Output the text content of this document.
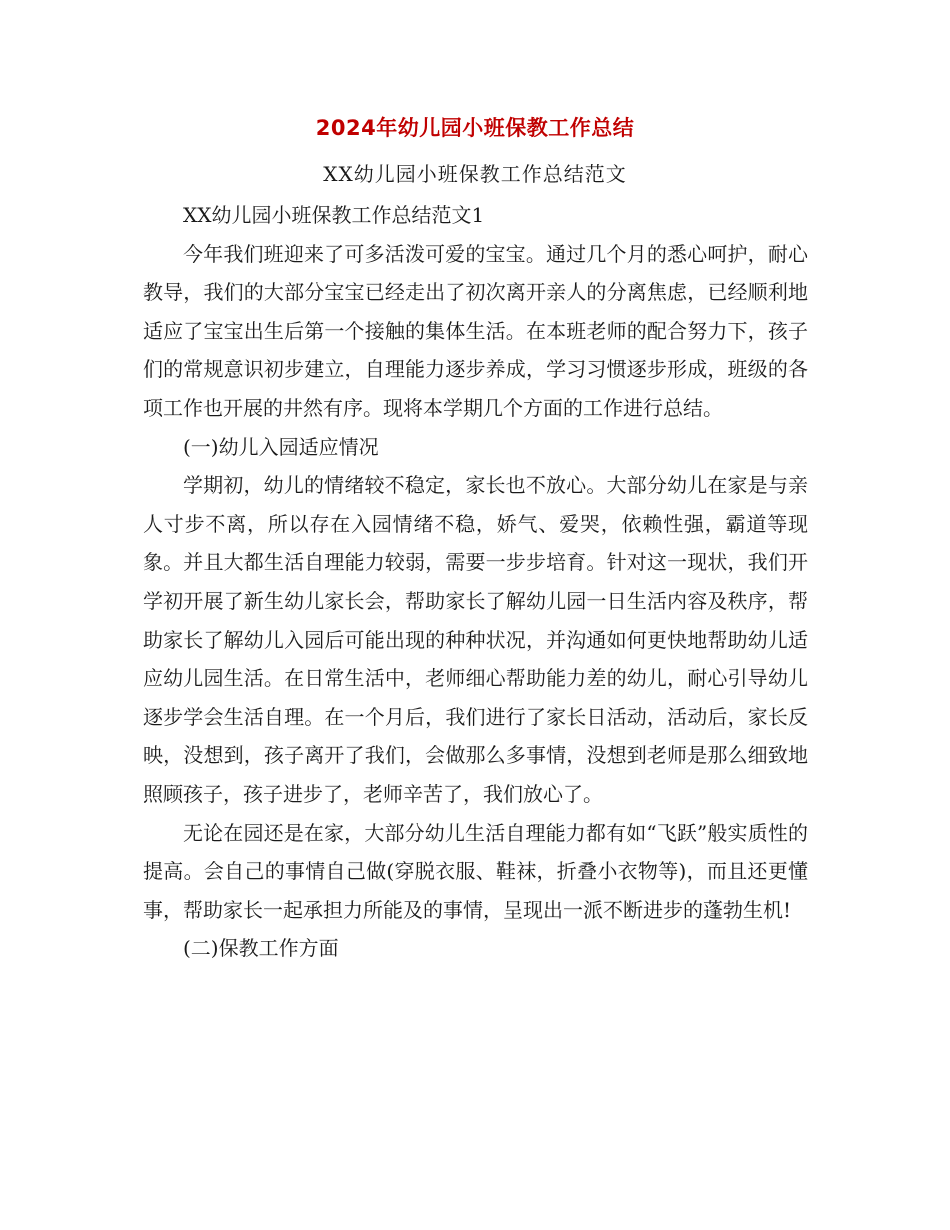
2024年幼儿园小班保教工作总结
XX幼儿园小班保教工作总结范文

XX幼儿园小班保教工作总结范文1

今年我们班迎来了可多活泼可爱的宝宝。通过几个月的悉心呵护，耐心教导，我们的大部分宝宝已经走出了初次离开亲人的分离焦虑，已经顺利地适应了宝宝出生后第一个接触的集体生活。在本班老师的配合努力下，孩子们的常规意识初步建立，自理能力逐步养成，学习习惯逐步形成，班级的各项工作也开展的井然有序。现将本学期几个方面的工作进行总结。

(一)幼儿入园适应情况

学期初，幼儿的情绪较不稳定，家长也不放心。大部分幼儿在家是与亲人寸步不离，所以存在入园情绪不稳，娇气、爱哭，依赖性强，霸道等现象。并且大都生活自理能力较弱，需要一步步培育。针对这一现状，我们开学初开展了新生幼儿家长会，帮助家长了解幼儿园一日生活内容及秩序，帮助家长了解幼儿入园后可能出现的种种状况，并沟通如何更快地帮助幼儿适应幼儿园生活。在日常生活中，老师细心帮助能力差的幼儿，耐心引导幼儿逐步学会生活自理。在一个月后，我们进行了家长日活动，活动后，家长反映，没想到，孩子离开了我们，会做那么多事情，没想到老师是那么细致地照顾孩子，孩子进步了，老师辛苦了，我们放心了。

无论在园还是在家，大部分幼儿生活自理能力都有如“飞跃”般实质性的提高。会自己的事情自己做(穿脱衣服、鞋袜，折叠小衣物等)，而且还更懂事，帮助家长一起承担力所能及的事情，呈现出一派不断进步的蓬勃生机!

(二)保教工作方面
